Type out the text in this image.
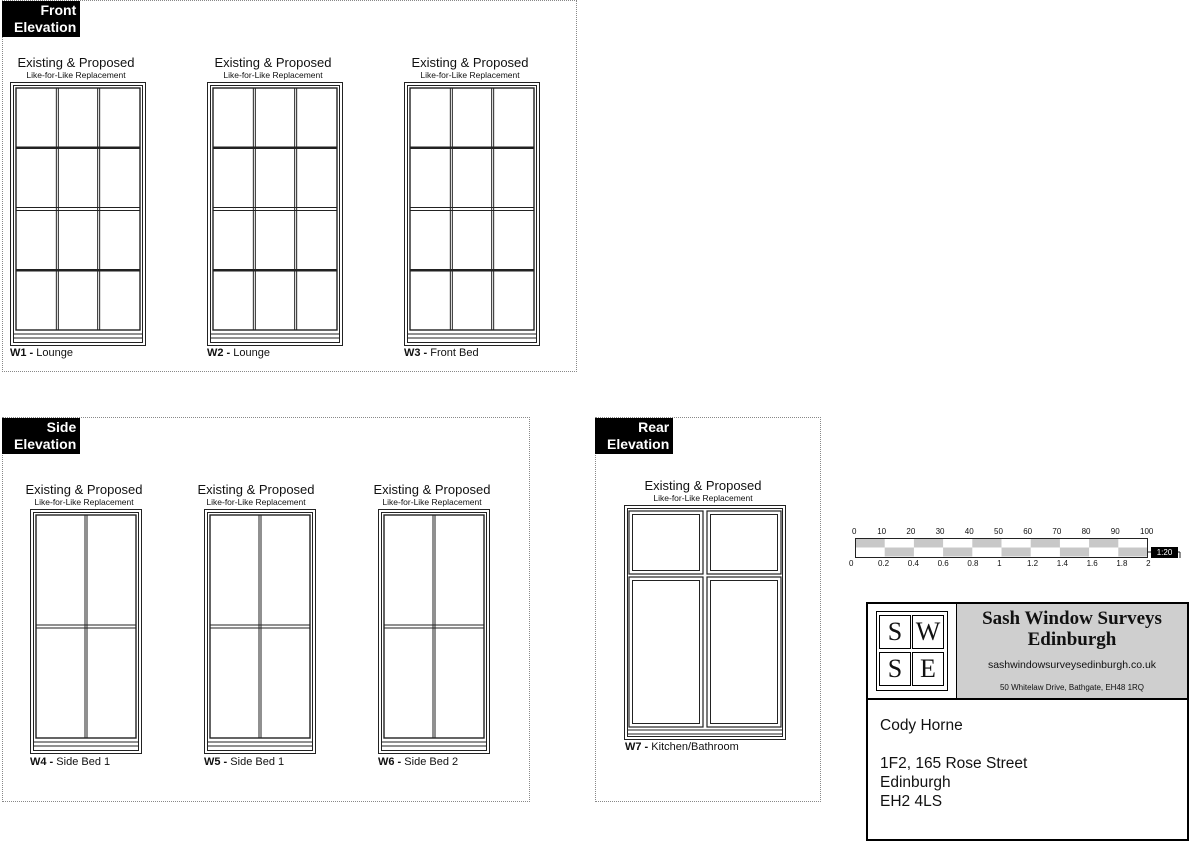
Front
Elevation
Side
Elevation
Rear
Elevation
Existing & Proposed
Like-for-Like Replacement
Existing & Proposed
Like-for-Like Replacement
Existing & Proposed
Like-for-Like Replacement
Existing & Proposed
Like-for-Like Replacement
Existing & Proposed
Like-for-Like Replacement
Existing & Proposed
Like-for-Like Replacement
Existing & Proposed
Like-for-Like Replacement
W1 - Lounge	W2 - Lounge	W3 - Front Bed
W4 - Side Bed 1	W5 - Side Bed 1	W6 - Side Bed 2
W7 - Kitchen/Bathroom
0	10	20	30	40	50	60	70	80	90	100
1:20
0	0.2 0.4 0.6 0.8 1	1.2 1.4 1.6 1.8 2
S W
S E
Sash Window Surveys
Edinburgh
sashwindowsurveysedinburgh.co.uk
50 Whitelaw Drive, Bathgate, EH48 1RQ
Cody Horne
1F2, 165 Rose Street
Edinburgh
EH2 4LS
